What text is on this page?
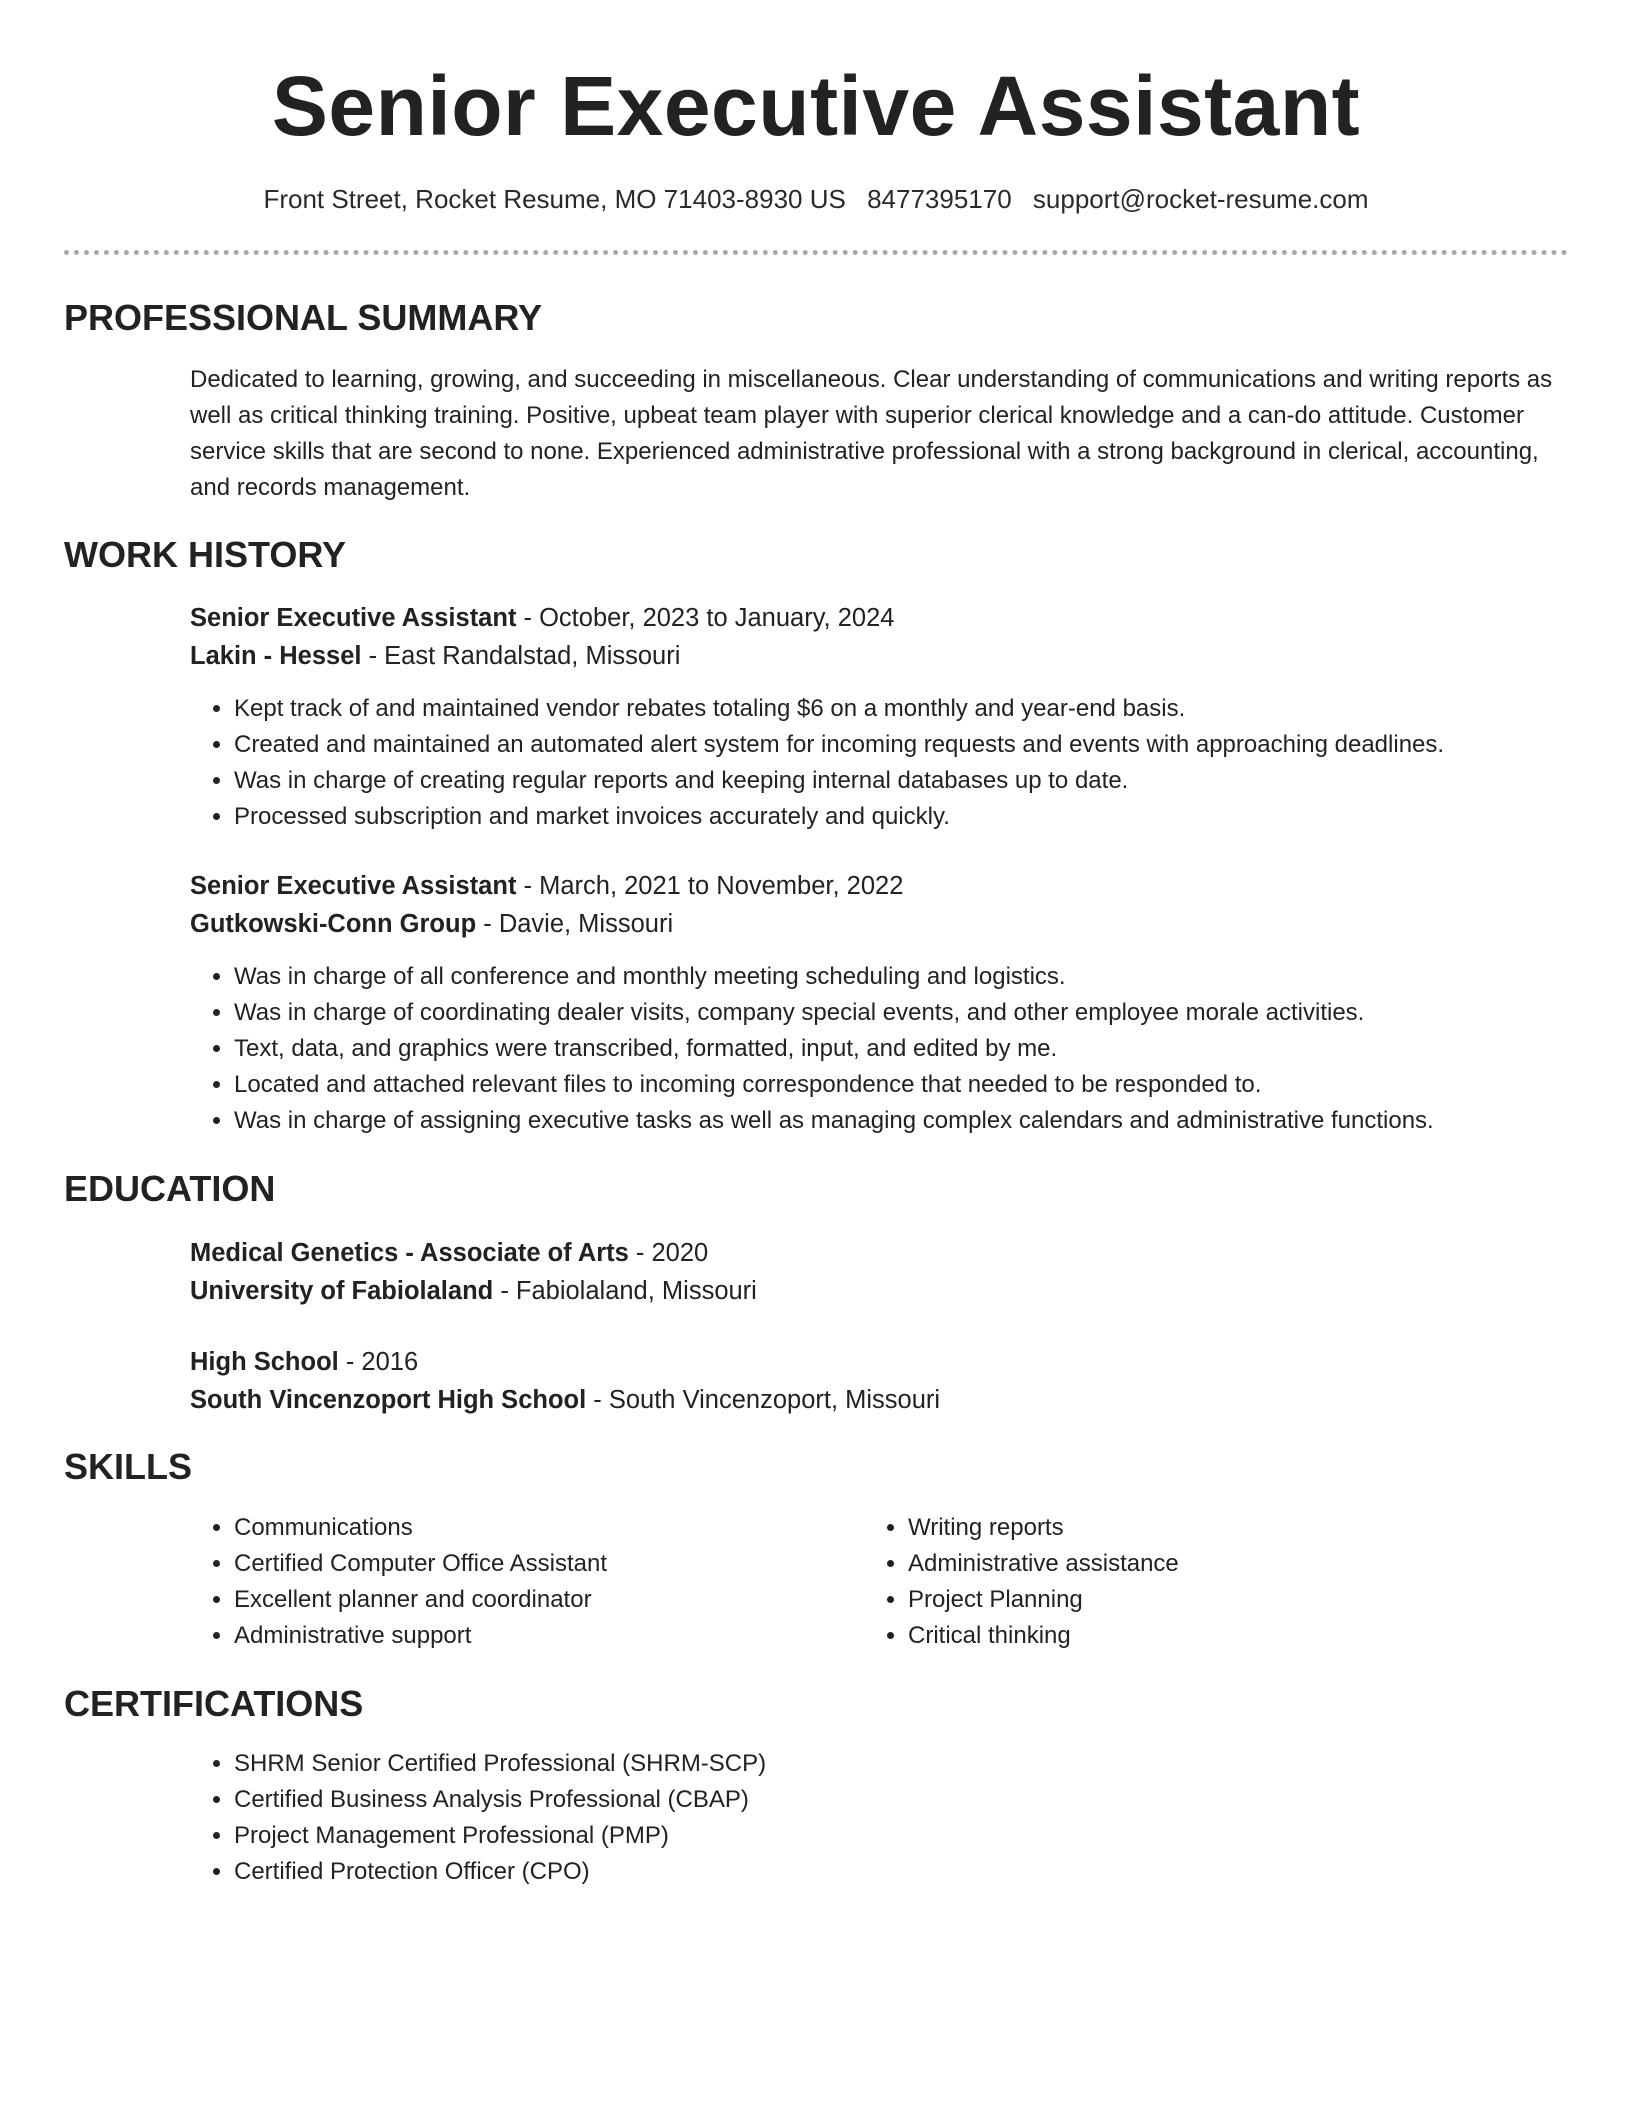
Senior Executive Assistant
Front Street, Rocket Resume, MO 71403-8930 US 8477395170 support@rocket-resume.com
PROFESSIONAL SUMMARY
Dedicated to learning, growing, and succeeding in miscellaneous. Clear understanding of communications and writing reports as well as critical thinking training. Positive, upbeat team player with superior clerical knowledge and a can-do attitude. Customer service skills that are second to none. Experienced administrative professional with a strong background in clerical, accounting, and records management.
WORK HISTORY
Senior Executive Assistant - October, 2023 to January, 2024
Lakin - Hessel - East Randalstad, Missouri
• Kept track of and maintained vendor rebates totaling $6 on a monthly and year-end basis.
• Created and maintained an automated alert system for incoming requests and events with approaching deadlines.
• Was in charge of creating regular reports and keeping internal databases up to date.
• Processed subscription and market invoices accurately and quickly.
Senior Executive Assistant - March, 2021 to November, 2022
Gutkowski-Conn Group - Davie, Missouri
• Was in charge of all conference and monthly meeting scheduling and logistics.
• Was in charge of coordinating dealer visits, company special events, and other employee morale activities.
• Text, data, and graphics were transcribed, formatted, input, and edited by me.
• Located and attached relevant files to incoming correspondence that needed to be responded to.
• Was in charge of assigning executive tasks as well as managing complex calendars and administrative functions.
EDUCATION
Medical Genetics - Associate of Arts - 2020
University of Fabiolaland - Fabiolaland, Missouri
High School - 2016
South Vincenzoport High School - South Vincenzoport, Missouri
SKILLS
• Communications
• Certified Computer Office Assistant
• Excellent planner and coordinator
• Administrative support
• Writing reports
• Administrative assistance
• Project Planning
• Critical thinking
CERTIFICATIONS
• SHRM Senior Certified Professional (SHRM-SCP)
• Certified Business Analysis Professional (CBAP)
• Project Management Professional (PMP)
• Certified Protection Officer (CPO)
